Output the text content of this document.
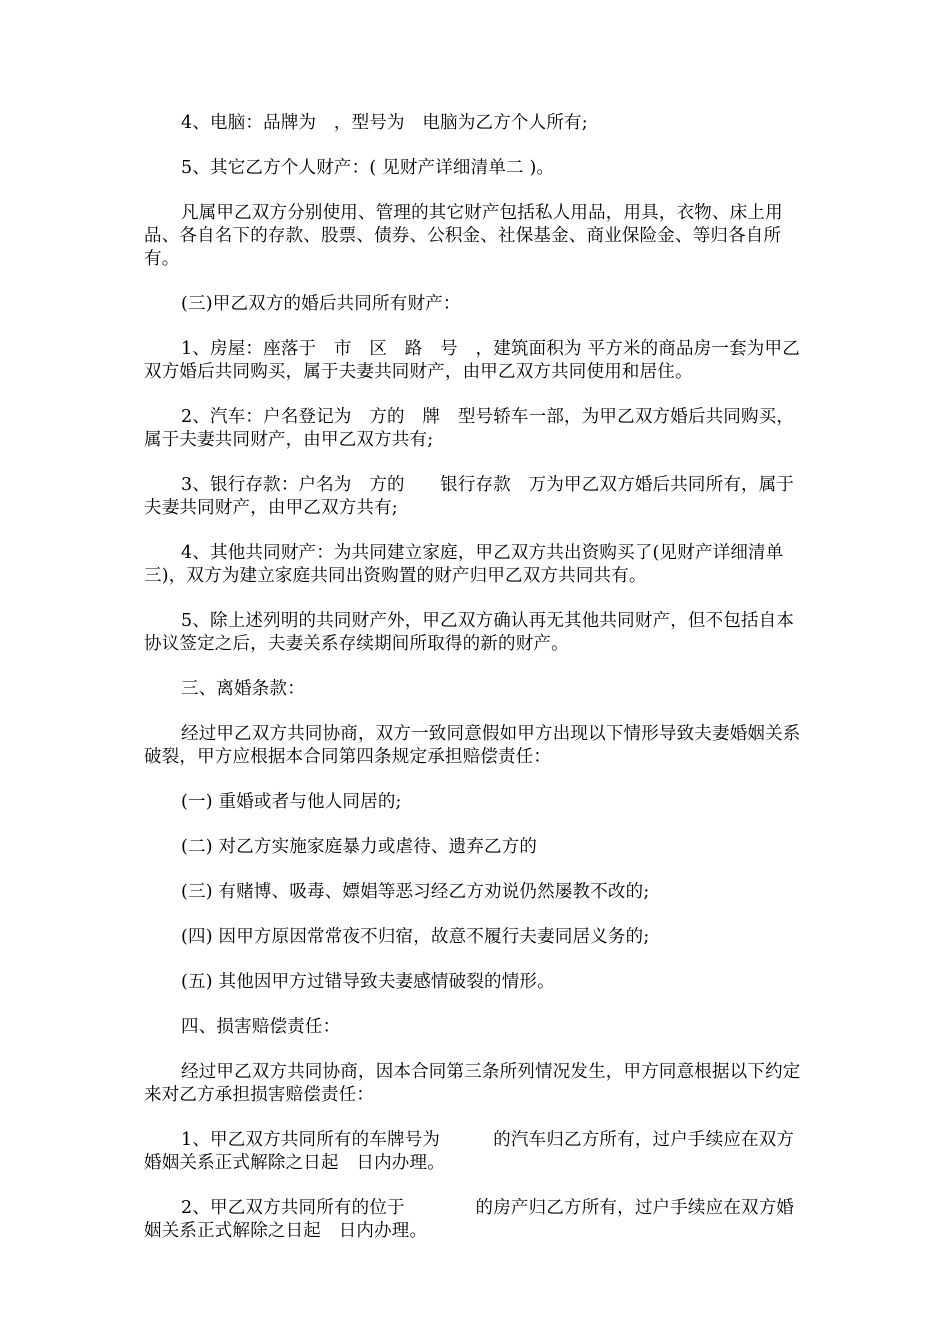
4、电脑：品牌为　，型号为　电脑为乙方个人所有;

5、其它乙方个人财产：( 见财产详细清单二 )。

凡属甲乙双方分别使用、管理的其它财产包括私人用品，用具，衣物、床上用品、各自名下的存款、股票、债券、公积金、社保基金、商业保险金、等归各自所有。

(三)甲乙双方的婚后共同所有财产：

1、房屋：座落于　市　区　路　号　，建筑面积为 平方米的商品房一套为甲乙双方婚后共同购买，属于夫妻共同财产，由甲乙双方共同使用和居住。

2、汽车：户名登记为　方的　牌　型号轿车一部，为甲乙双方婚后共同购买，属于夫妻共同财产，由甲乙双方共有;

3、银行存款：户名为　方的　　银行存款　万为甲乙双方婚后共同所有，属于夫妻共同财产，由甲乙双方共有;

4、其他共同财产：为共同建立家庭，甲乙双方共出资购买了(见财产详细清单三)，双方为建立家庭共同出资购置的财产归甲乙双方共同共有。

5、除上述列明的共同财产外，甲乙双方确认再无其他共同财产，但不包括自本协议签定之后，夫妻关系存续期间所取得的新的财产。

三、离婚条款：

经过甲乙双方共同协商，双方一致同意假如甲方出现以下情形导致夫妻婚姻关系破裂，甲方应根据本合同第四条规定承担赔偿责任：

(一) 重婚或者与他人同居的;

(二) 对乙方实施家庭暴力或虐待、遗弃乙方的

(三) 有赌博、吸毒、嫖娼等恶习经乙方劝说仍然屡教不改的;

(四) 因甲方原因常常夜不归宿，故意不履行夫妻同居义务的;

(五) 其他因甲方过错导致夫妻感情破裂的情形。

四、损害赔偿责任：

经过甲乙双方共同协商，因本合同第三条所列情况发生，甲方同意根据以下约定来对乙方承担损害赔偿责任：

1、甲乙双方共同所有的车牌号为　　　的汽车归乙方所有，过户手续应在双方婚姻关系正式解除之日起　日内办理。

2、甲乙双方共同所有的位于　　　　的房产归乙方所有，过户手续应在双方婚姻关系正式解除之日起　日内办理。
